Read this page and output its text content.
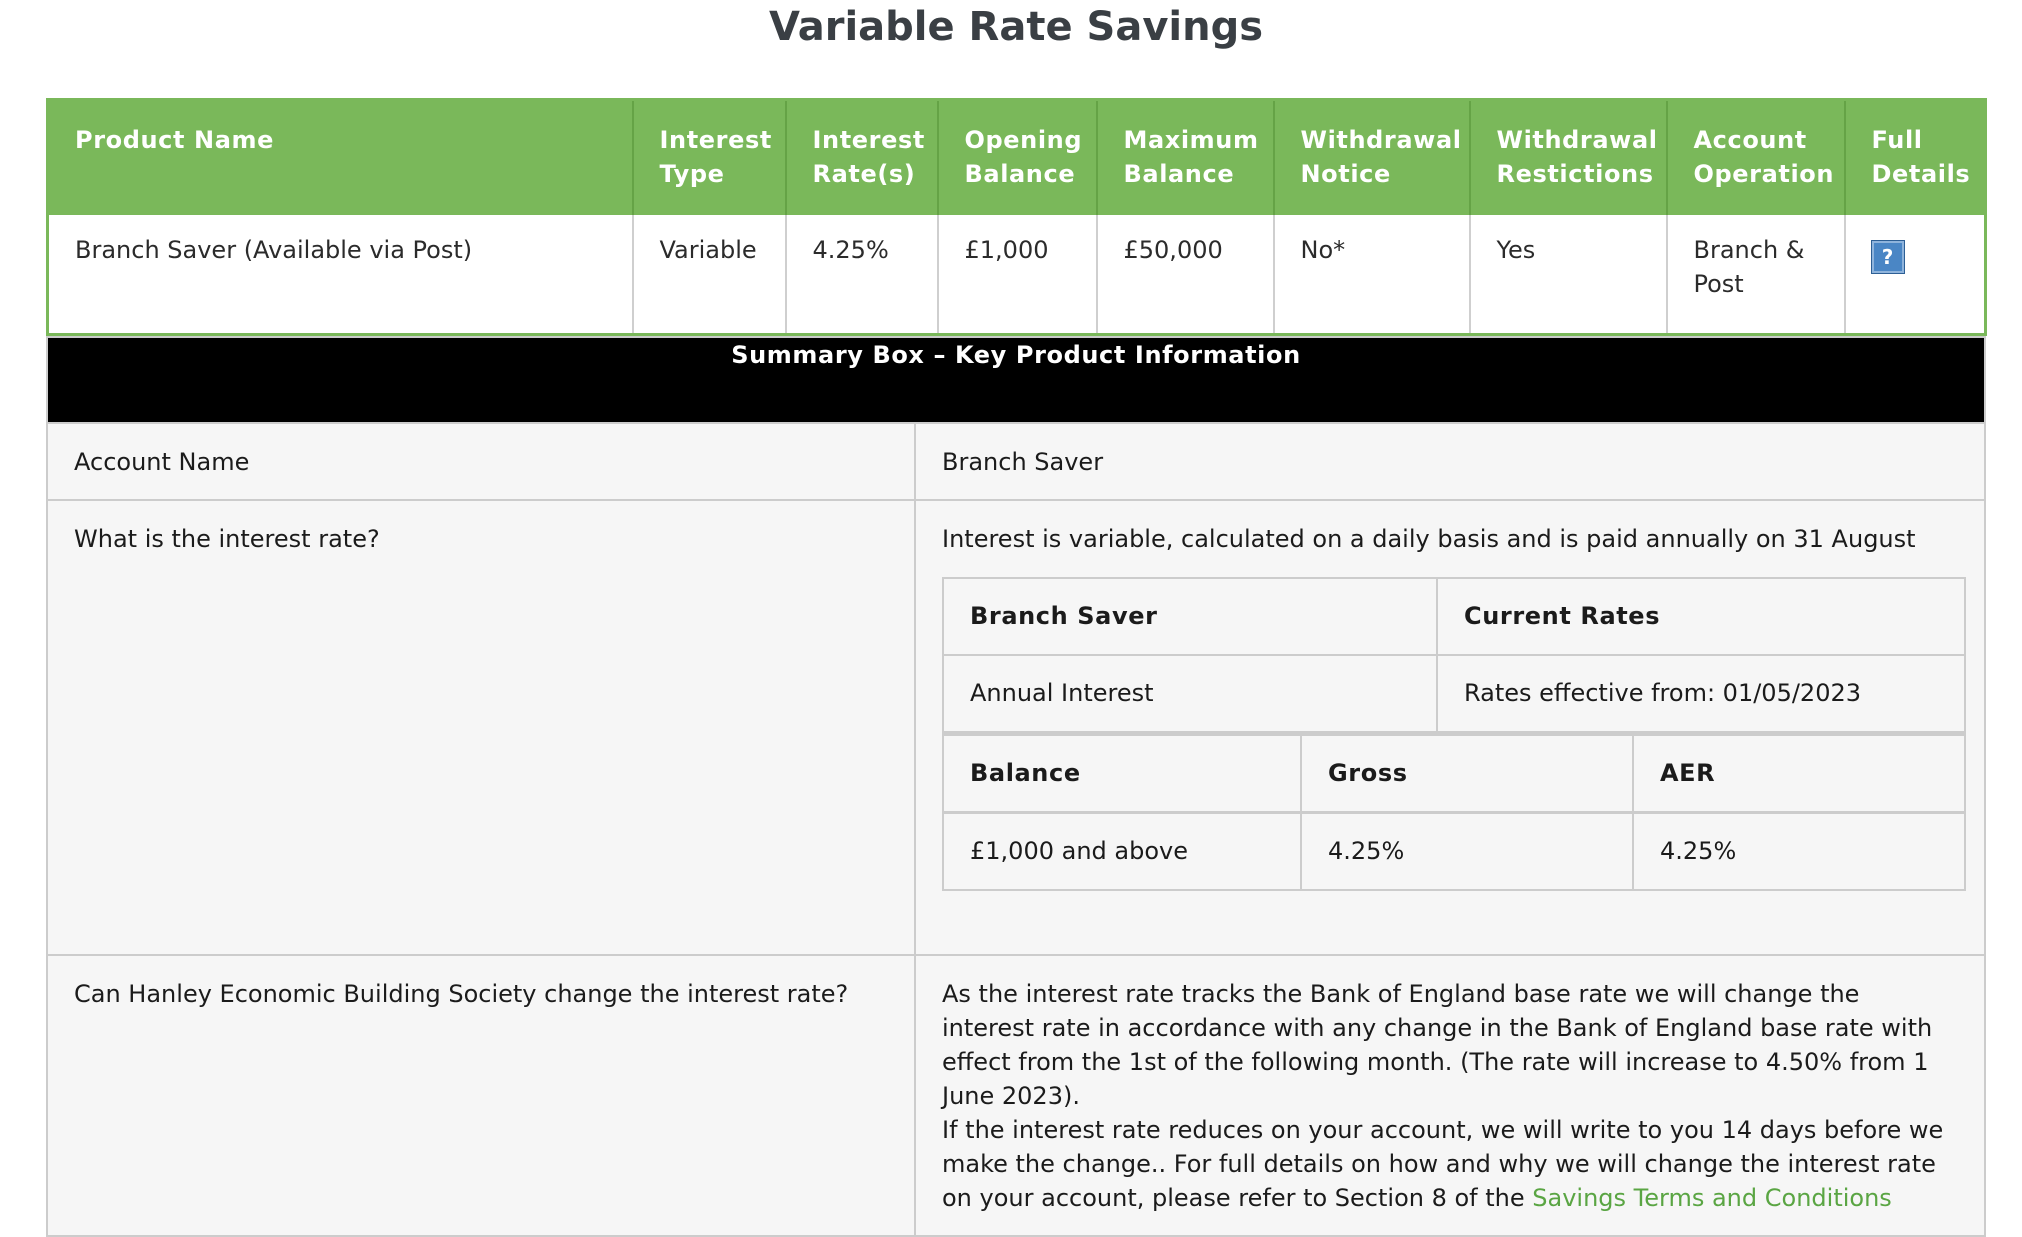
Variable Rate Savings
Product Name	Interest Type	Interest Rate(s)	Opening Balance	Maximum Balance	Withdrawal Notice	Withdrawal Restictions	Account Operation	Full Details
Branch Saver (Available via Post)	Variable	4.25%	£1,000	£50,000	No*	Yes	Branch & Post	?
Summary Box – Key Product Information
Account Name	Branch Saver
What is the interest rate?	Interest is variable, calculated on a daily basis and is paid annually on 31 August
Branch Saver	Current Rates
Annual Interest	Rates effective from: 01/05/2023
Balance	Gross	AER
£1,000 and above	4.25%	4.25%

Can Hanley Economic Building Society change the interest rate?	As the interest rate tracks the Bank of England base rate we will change the interest rate in accordance with any change in the Bank of England base rate with effect from the 1st of the following month. (The rate will increase to 4.50% from 1 June 2023).
If the interest rate reduces on your account, we will write to you 14 days before we make the change.. For full details on how and why we will change the interest rate on your account, please refer to Section 8 of the Savings Terms and Conditions
